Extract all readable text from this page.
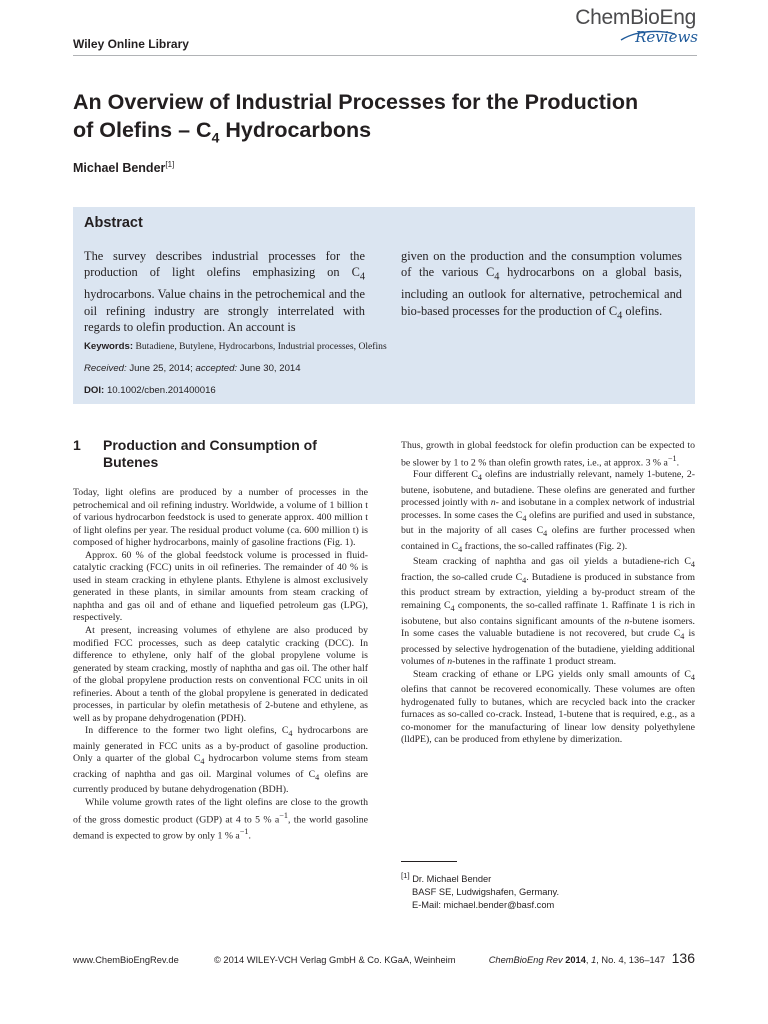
ChemBioEng
Reviews
Wiley Online Library
An Overview of Industrial Processes for the Production
of Olefins – $C_4$ Hydrocarbons
Michael Bender[1]
Abstract
The survey describes industrial processes for the production of light olefins emphasizing on $C_4$ hydrocarbons. Value chains in the petrochemical and the oil refining industry are strongly interrelated with regards to olefin production. An account is
given on the production and the consumption volumes of the various $C_4$ hydrocarbons on a global basis, including an outlook for alternative, petrochemical and bio-based processes for the production of $C_4$ olefins.
Keywords: Butadiene, Butylene, Hydrocarbons, Industrial processes, Olefins
Received: June 25, 2014; accepted: June 30, 2014
DOI: 10.1002/cben.201400016
1 Production and Consumption of Butenes

Today, light olefins are produced by a number of processes in the petrochemical and oil refining industry. Worldwide, a volume of 1 billion t of various hydrocarbon feedstock is used to generate approx. 400 million t of light olefins per year. The residual product volume (ca. 600 million t) is composed of higher hydrocarbons, mainly of gasoline fractions (Fig. 1).

Approx. 60 % of the global feedstock volume is processed in fluid-catalytic cracking (FCC) units in oil refineries. The remainder of 40 % is used in steam cracking in ethylene plants. Ethylene is almost exclusively generated in these plants, in similar amounts from steam cracking of naphtha and gas oil and of ethane and liquefied petroleum gas (LPG), respectively.

At present, increasing volumes of ethylene are also produced by modified FCC processes, such as deep catalytic cracking (DCC). In difference to ethylene, only half of the global propylene volume is generated by steam cracking, mostly of naphtha and gas oil. The other half of the global propylene production rests on conventional FCC units in oil refineries. About a tenth of the global propylene is generated in dedicated processes, in particular by olefin metathesis of 2-butene and ethylene, as well as by propane dehydrogenation (PDH).

In difference to the former two light olefins, $C_4$ hydrocarbons are mainly generated in FCC units as a by-product of gasoline production. Only a quarter of the global $C_4$ hydrocarbon volume stems from steam cracking of naphtha and gas oil. Marginal volumes of $C_4$ olefins are currently produced by butane dehydrogenation (BDH).

While volume growth rates of the light olefins are close to the growth of the gross domestic product (GDP) at 4 to 5 % $a^{-1}$, the world gasoline demand is expected to grow by only 1 % $a^{-1}$.

Thus, growth in global feedstock for olefin production can be expected to be slower by 1 to 2 % than olefin growth rates, i.e., at approx. 3 % $a^{-1}$.

Four different $C_4$ olefins are industrially relevant, namely 1-butene, 2-butene, isobutene, and butadiene. These olefins are generated and further processed jointly with n- and isobutane in a complex network of industrial processes. In some cases the $C_4$ olefins are purified and used in substance, but in the majority of all cases $C_4$ olefins are further processed when contained in $C_4$ fractions, the so-called raffinates (Fig. 2).

Steam cracking of naphtha and gas oil yields a butadiene-rich $C_4$ fraction, the so-called crude $C_4$. Butadiene is produced in substance from this product stream by extraction, yielding a by-product stream of the remaining $C_4$ components, the so-called raffinate 1. Raffinate 1 is rich in isobutene, but also contains significant amounts of the n-butene isomers. In some cases the valuable butadiene is not recovered, but crude $C_4$ is processed by selective hydrogenation of the butadiene, yielding additional volumes of n-butenes in the raffinate 1 product stream.

Steam cracking of ethane or LPG yields only small amounts of $C_4$ olefins that cannot be recovered economically. These volumes are often hydrogenated fully to butanes, which are recycled back into the cracker furnaces as so-called co-crack. Instead, 1-butene that is required, e.g., as a co-monomer for the manufacturing of linear low density polyethylene (lldPE), can be produced from ethylene by dimerization.

[1] Dr. Michael Bender
BASF SE, Ludwigshafen, Germany.
E-Mail: michael.bender@basf.com
www.ChemBioEngRev.de	© 2014 WILEY-VCH Verlag GmbH & Co. KGaA, Weinheim	ChemBioEng Rev 2014, 1, No. 4, 136–147 136
